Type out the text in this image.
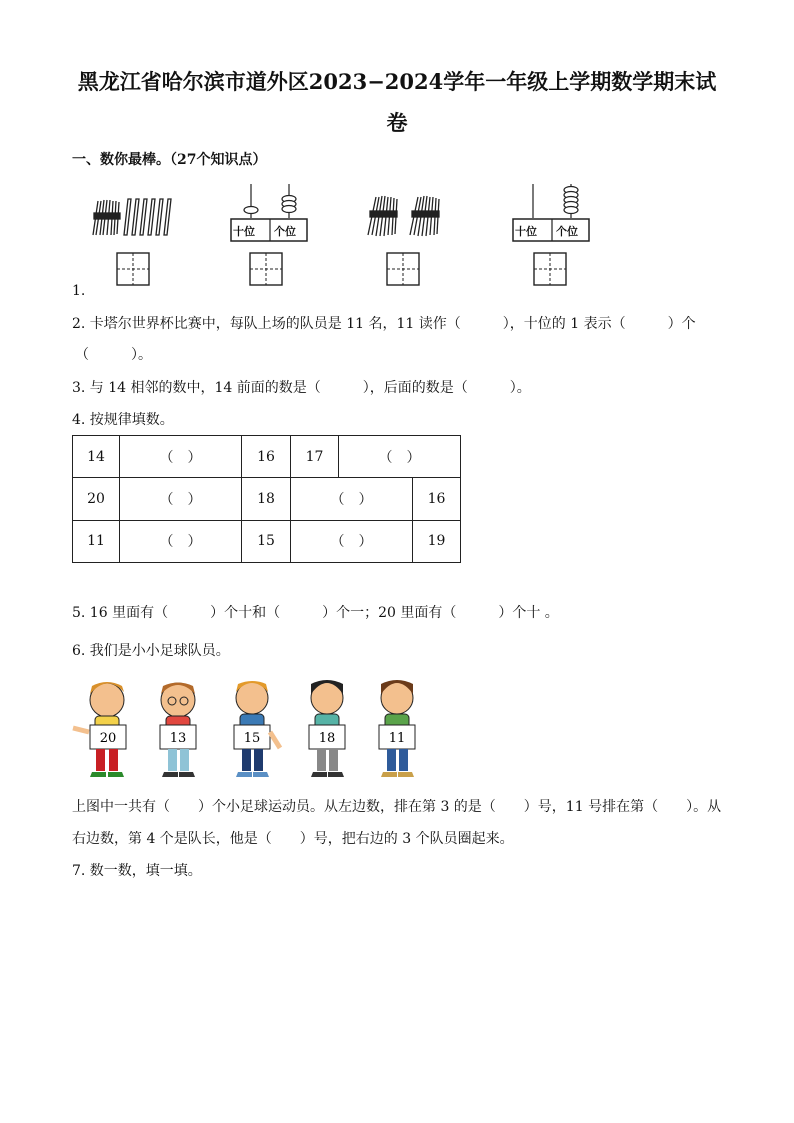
黑龙江省哈尔滨市道外区2023−2024学年一年级上学期数学期末试
卷
一、数你最棒。（27个知识点）
十位 个位	十位 个位
1.
2. 卡塔尔世界杯比赛中，每队上场的队员是 11 名，11 读作（　　　），十位的 1 表示（　　　）个
（　　　）。
3. 与 14 相邻的数中，14 前面的数是（　　　），后面的数是（　　　）。
4. 按规律填数。
14	（　）	16	17	（　）	
20	（　）	18	（　）		16
11	（　）	15	（　）		19
5. 16 里面有（　　　）个十和（　　　）个一；20 里面有（　　　）个十 。
6. 我们是小小足球队员。
20	13	15	18	11
上图中一共有（　　）个小足球运动员。从左边数，排在第 3 的是（　　）号，11 号排在第（　　）。从
右边数，第 4 个是队长，他是（　　）号，把右边的 3 个队员圈起来。
7. 数一数，填一填。
